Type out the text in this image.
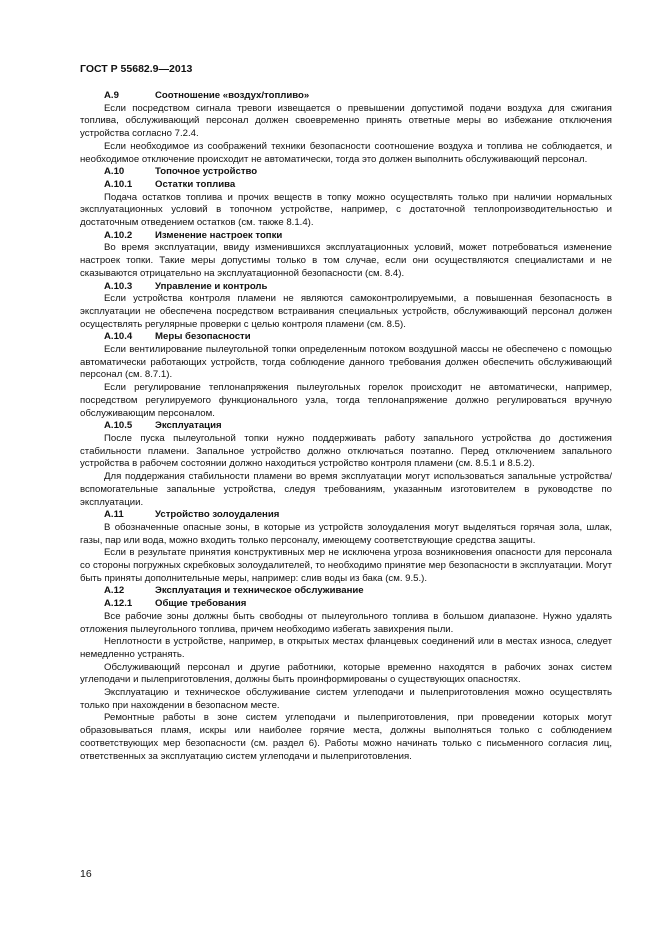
ГОСТ Р 55682.9—2013
A.9	Соотношение «воздух/топливо»

Если посредством сигнала тревоги извещается о превышении допустимой подачи воздуха для сжигания топлива, обслуживающий персонал должен своевременно принять ответные меры во избежание отключения устройства согласно 7.2.4.

Если необходимое из соображений техники безопасности соотношение воздуха и топлива не соблюдается, и необходимое отключение происходит не автоматически, тогда это должен выполнить обслуживающий персонал.

A.10	Топочное устройство
A.10.1 Остатки топлива

Подача остатков топлива и прочих веществ в топку можно осуществлять только при наличии нормальных эксплуатационных условий в топочном устройстве, например, с достаточной теплопроизводительностью и достаточным отведением остатков (см. также 8.1.4).

A.10.2 Изменение настроек топки

Во время эксплуатации, ввиду изменившихся эксплуатационных условий, может потребоваться изменение настроек топки. Такие меры допустимы только в том случае, если они осуществляются специалистами и не сказываются отрицательно на эксплуатационной безопасности (см. 8.4).

A.10.3 Управление и контроль

Если устройства контроля пламени не являются самоконтролируемыми, а повышенная безопасность в эксплуатации не обеспечена посредством встраивания специальных устройств, обслуживающий персонал должен осуществлять регулярные проверки с целью контроля пламени (см. 8.5).

A.10.4 Меры безопасности

Если вентилирование пылеугольной топки определенным потоком воздушной массы не обеспечено с помощью автоматически работающих устройств, тогда соблюдение данного требования должен обеспечить обслуживающий персонал (см. 8.7.1).

Если регулирование теплонапряжения пылеугольных горелок происходит не автоматически, например, посредством регулируемого функционального узла, тогда теплонапряжение должно регулироваться вручную обслуживающим персоналом.

A.10.5 Эксплуатация

После пуска пылеугольной топки нужно поддерживать работу запального устройства до достижения стабильности пламени. Запальное устройство должно отключаться поэтапно. Перед отключением запального устройства в рабочем состоянии должно находиться устройство контроля пламени (см. 8.5.1 и 8.5.2).

Для поддержания стабильности пламени во время эксплуатации могут использоваться запальные устройства/вспомогательные запальные устройства, следуя требованиям, указанным изготовителем в руководстве по эксплуатации.

A.11	Устройство золоудаления

В обозначенные опасные зоны, в которые из устройств золоудаления могут выделяться горячая зола, шлак, газы, пар или вода, можно входить только персоналу, имеющему соответствующие средства защиты.

Если в результате принятия конструктивных мер не исключена угроза возникновения опасности для персонала со стороны погружных скребковых золоудалителей, то необходимо принятие мер безопасности в эксплуатации. Могут быть приняты дополнительные меры, например: слив воды из бака (см. 9.5.).

A.12	Эксплуатация и техническое обслуживание
A.12.1 Общие требования

Все рабочие зоны должны быть свободны от пылеугольного топлива в большом диапазоне. Нужно удалять отложения пылеугольного топлива, причем необходимо избегать завихрения пыли.

Неплотности в устройстве, например, в открытых местах фланцевых соединений или в местах износа, следует немедленно устранять.

Обслуживающий персонал и другие работники, которые временно находятся в рабочих зонах систем углеподачи и пылеприготовления, должны быть проинформированы о существующих опасностях.

Эксплуатацию и техническое обслуживание систем углеподачи и пылеприготовления можно осуществлять только при нахождении в безопасном месте.

Ремонтные работы в зоне систем углеподачи и пылеприготовления, при проведении которых могут образовываться пламя, искры или наиболее горячие места, должны выполняться только с соблюдением соответствующих мер безопасности (см. раздел 6). Работы можно начинать только с письменного согласия лиц, ответственных за эксплуатацию систем углеподачи и пылеприготовления.

16
